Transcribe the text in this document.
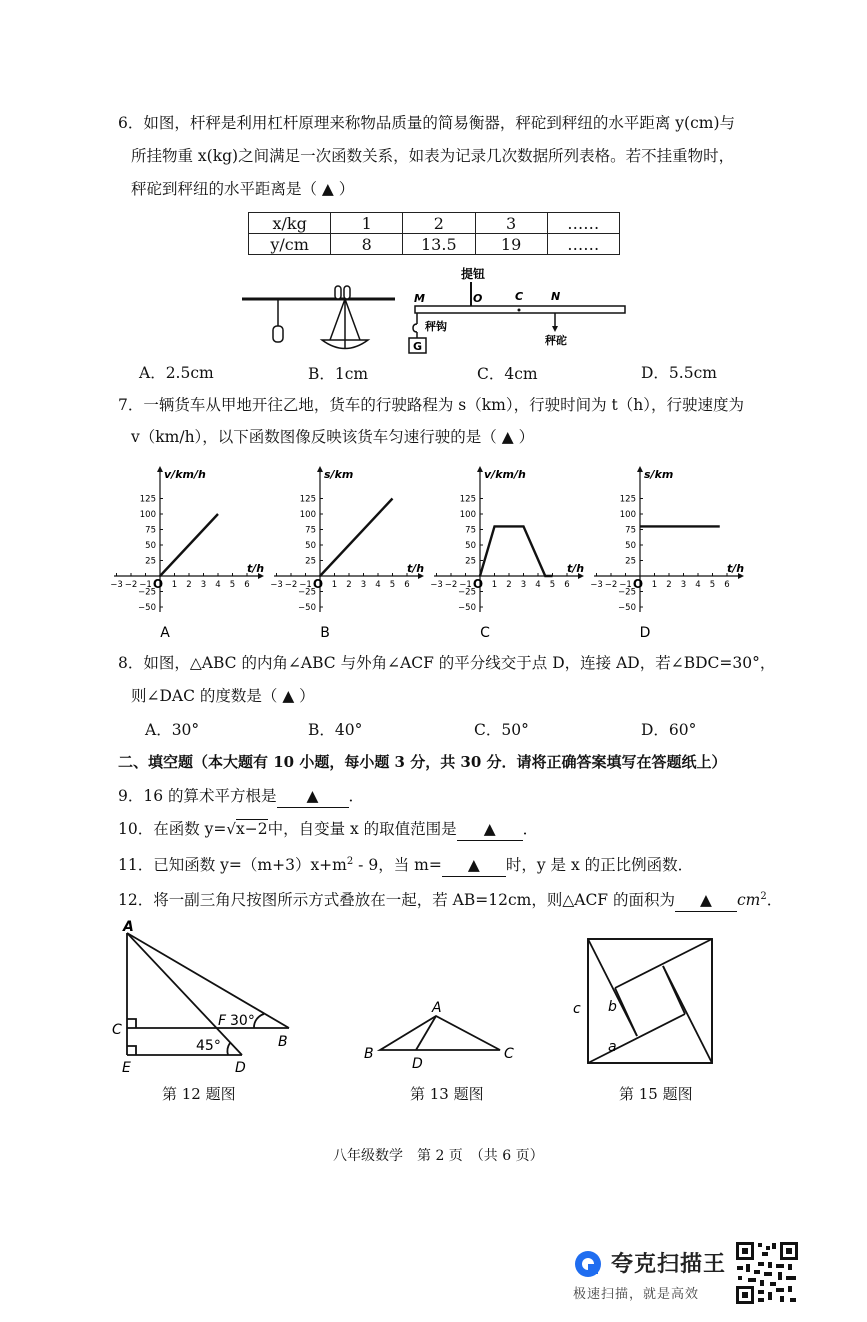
6．如图，杆秤是利用杠杆原理来称物品质量的简易衡器，秤砣到秤纽的水平距离 y(cm)与
所挂物重 x(kg)之间满足一次函数关系，如表为记录几次数据所列表格。若不挂重物时，
秤砣到秤纽的水平距离是（ ▲ ）
x/kg	1	2	3	……
y/cm	8	13.5	19	……
提钮
M	O	C	N
秤砣
秤钩
G
A．2.5cm	B．1cm	C．4cm	D．5.5cm
7．一辆货车从甲地开往乙地，货车的行驶路程为 s（km），行驶时间为 t（h），行驶速度为
v（km/h），以下函数图像反映该货车匀速行驶的是（ ▲ ）
125
100
75
50
25
−25
−50
−3 −2 −1 1 2 3 4 5 6
O
v/km/h
t/h
A
125
100
75
50
25
−25
−50
−3 −2 −1 1 2 3 4 5 6
O
s/km
t/h
B
125
100
75
50
25
−25
−50
−3 −2 −1 1 2 3 4 5 6
O
v/km/h
t/h
C
125
100
75
50
25
−25
−50
−3 −2 −1 1 2 3 4 5 6
O
s/km
t/h
D
8．如图，△ABC 的内角∠ABC 与外角∠ACF 的平分线交于点 D，连接 AD，若∠BDC=30°，
则∠DAC 的度数是（ ▲ ）
A．30°	B．40°	C．50°	D．60°
二、填空题（本大题有 10 小题，每小题 3 分，共 30 分．请将正确答案填写在答题纸上）
9．16 的算术平方根是 ▲ ．
10．在函数 y=√x−2中，自变量 x 的取值范围是 ▲ ．
11．已知函数 $y=(m+3)x+m^2 - 9$，当 m= ▲ 时，y 是 x 的正比例函数．
12．将一副三角尺按图所示方式叠放在一起，若 AB=12cm，则△ACF 的面积为 ▲ $cm^2$．
A
B
C
D
E
F 30°
45°
A
B	C
D
c b
a
第 12 题图	第 13 题图	第 15 题图
八年级数学　第 2 页　（共 6 页）
夸克扫描王
极速扫描，就是高效
